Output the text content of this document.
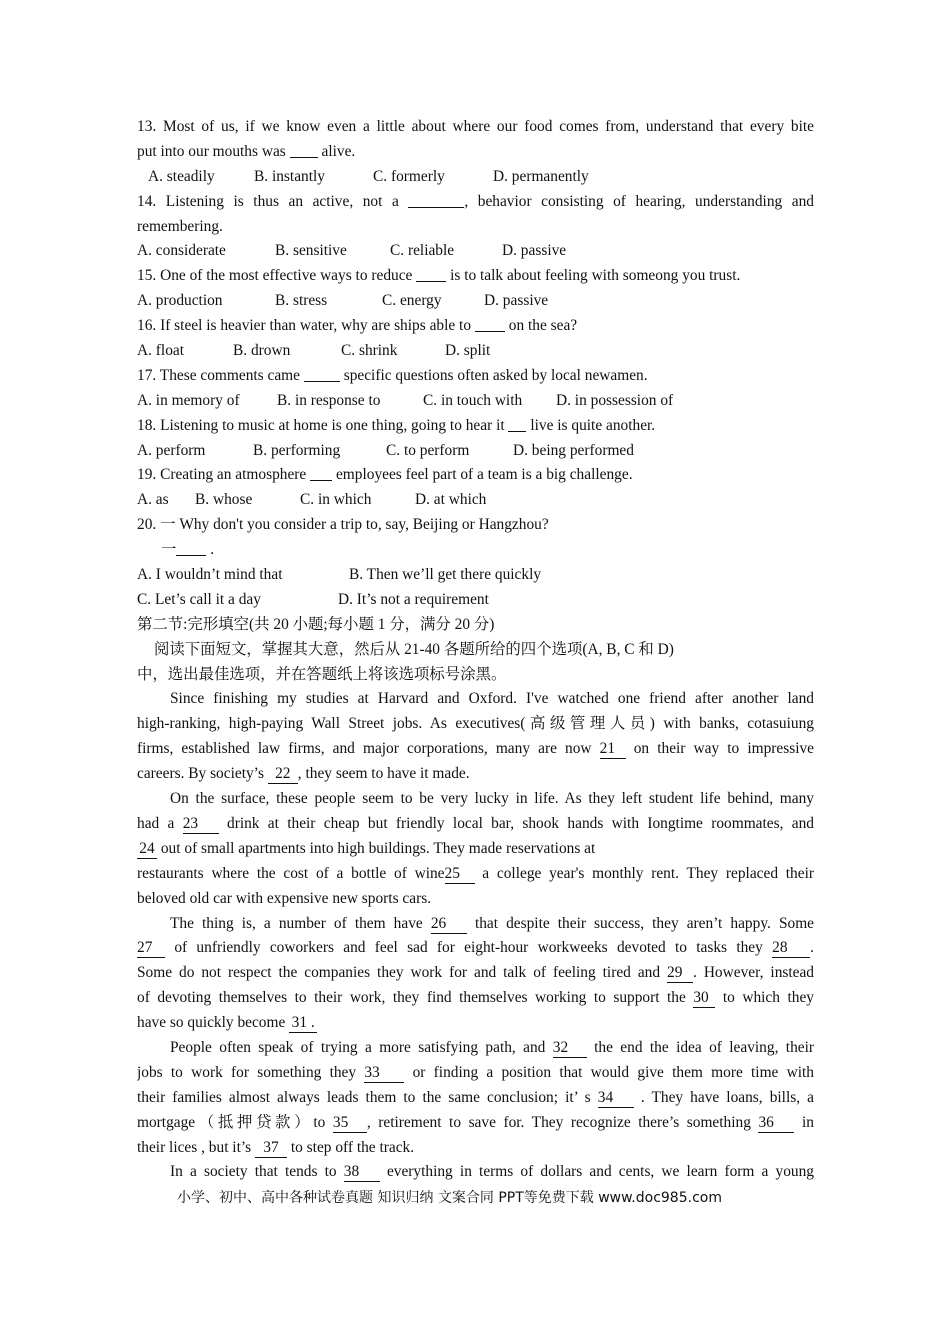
13. Most of us, if we know even a little about where our food comes from, understand that every bite
put into our mouths was alive.
A. steadily	B. instantly	C. formerly	D. permanently
14. Listening is thus an active, not a	, behavior consisting of hearing, understanding and
remembering.
A. considerate	B. sensitive	C. reliable	D. passive
15. One of the most effective ways to reduce is to talk about feeling with someong you trust.
A. production	B. stress	C. energy	D. passive
16. If steel is heavier than water, why are ships able to on the sea?
A. float	B. drown	C. shrink	D. split
17. These comments came	specific questions often asked by local newamen.
A. in memory of B. in response to	C. in touch with D. in possession of
18. Listening to music at home is one thing, going to hear it live is quite another.
A. perform	B. performing	C. to perform	D. being performed
19. Creating an atmosphere employees feel part of a team is a big challenge.
A. as B. whose	C. in which	D. at which
20. 一 Why don't you consider a trip to, say, Beijing or Hangzhou?
一 .
A. I wouldn’t mind that	B. Then we’ll get there quickly
C. Let’s call it a day	D. It’s not a requirement
第二节:完形填空(共 20 小题;每小题 1 分，满分 20 分)
阅读下面短文，掌握其大意，然后从 21-40 各题所给的四个选项(A, B, C 和 D)
中，选出最佳选项，并在答题纸上将该选项标号涂黑。
Since finishing my studies at Harvard and Oxford. I've watched one friend after another land
high-ranking, high-paying Wall Street jobs. As executives(高级管理人员) with banks, cotasuiung
firms, established law firms, and major corporations, many are now 21 on their way to impressive
careers. By society’s 22 , they seem to have it made.
On the surface, these people seem to be very lucky in life. As they left student life behind, many
had a 23 drink at their cheap but friendly local bar, shook hands with Iongtime roommates, and
24 out of small apartments into high buildings. They made reservations at
restaurants where the cost of a bottle of wine25 a college year's monthly rent. They replaced their
beloved old car with expensive new sports cars.
The thing is, a number of them have 26 that despite their success, they aren’t happy. Some
27 of unfriendly coworkers and feel sad for eight-hour workweeks devoted to tasks they 28 .
Some do not respect the companies they work for and talk of feeling tired and 29 . However, instead
of devoting themselves to their work, they find themselves working to support the 30 to which they
have so quickly become 31 .
People often speak of trying a more satisfying path, and 32 the end the idea of leaving, their
jobs to work for something they 33 or finding a position that would give them more time with
their families almost always leads them to the same conclusion; it’ s 34 . They have loans, bills, a
mortgage（抵押贷款）to 35 , retirement to save for. They recognize there’s something 36 in
their lices , but it’s 37 to step off the track.
In a society that tends to 38 everything in terms of dollars and cents, we learn form a young
小学、初中、高中各种试卷真题 知识归纳 文案合同 PPT等免费下载 www.doc985.com
